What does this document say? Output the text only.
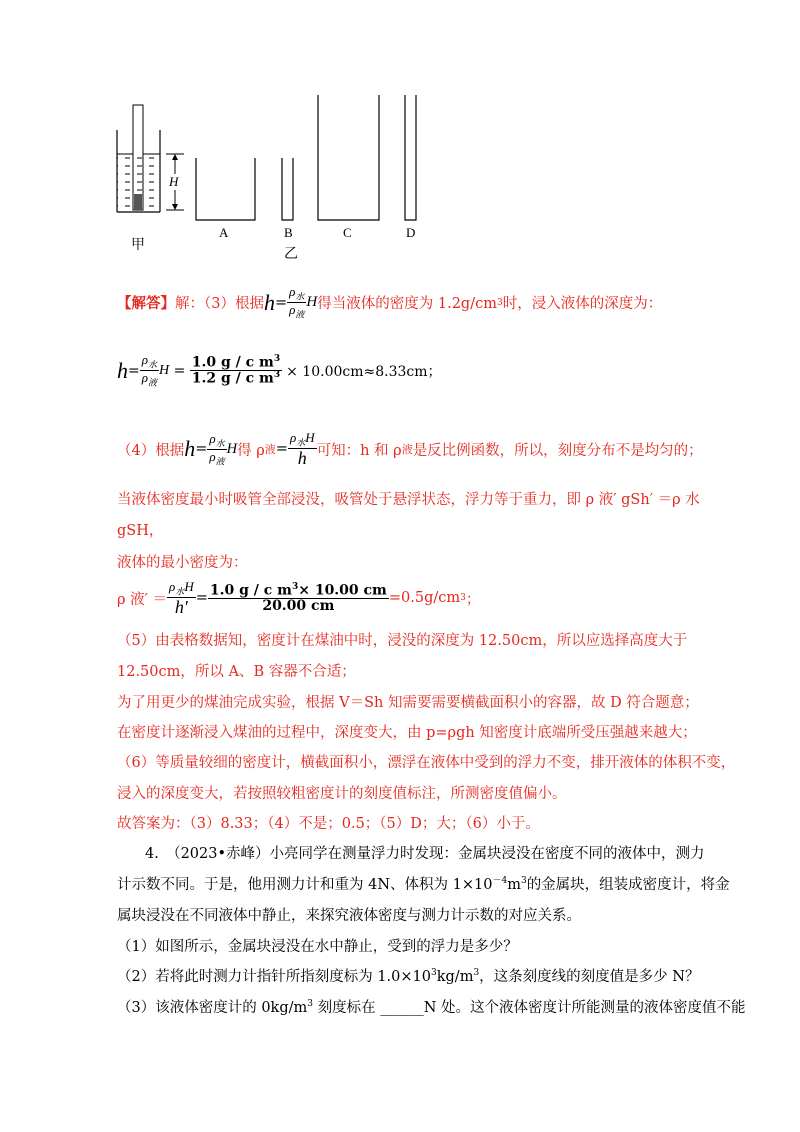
H
甲
A	B
乙
C	D
【解答】 解：（3）根据 $h = \frac{\rho_水}{\rho_液}$ H 得当液体的密度为 1.2g/cm 3 时，浸入液体的深度为：
$h = \frac{\rho_水}{\rho_液}$ $H = \frac{1.0 g / c m^3}{1.2 g / c m^3} \times 10.00cm\approx 8.33cm$；
（4）根据 $h = \frac{\rho_水}{\rho_液}$ H 得 ρ 液 = $\frac{\rho_水H}{h}$ 可知：h 和 ρ 液 是反比例函数，所以，刻度分布不是均匀的；
当液体密度最小时吸管全部浸没，吸管处于悬浮状态，浮力等于重力，即 ρ 液′ gSh′ ＝ρ 水
gSH，
液体的最小密度为：
ρ 液′ ＝ $\frac{\rho_水H}{h'} = \frac{1.0 g / c m^3\times 10.00 cm}{20.00 cm} =0.5g/cm$ 3 ；
（5）由表格数据知，密度计在煤油中时，浸没的深度为 12.50cm，所以应选择高度大于
12.50cm，所以 A、B 容器不合适；
为了用更少的煤油完成实验，根据 V＝Sh 知需要需要横截面积小的容器，故 D 符合题意；
在密度计逐渐浸入煤油的过程中，深度变大，由 p=ρgh 知密度计底端所受压强越来越大；
（6）等质量较细的密度计，横截面积小，漂浮在液体中受到的浮力不变，排开液体的体积不变，
浸入的深度变大，若按照较粗密度计的刻度值标注，所测密度值偏小。
故答案为：（3）8.33；（4）不是；0.5；（5）D；大；（6）小于。
4.　（2023•赤峰）小亮同学在测量浮力时发现：金属块浸没在密度不同的液体中，测力
计示数不同。于是，他用测力计和重为 4N、体积为 $1\times 10^{-4}m^3$的金属块，组装成密度计，将金
属块浸没在不同液体中静止，来探究液体密度与测力计示数的对应关系。
（1）如图所示，金属块浸没在水中静止，受到的浮力是多少？
（2）若将此时测力计指针所指刻度标为 $1.0\times 10^3kg/m^3$，这条刻度线的刻度值是多少 N？
（3）该液体密度计的 $0kg/m^3$ 刻度标在 ______N 处。这个液体密度计所能测量的液体密度值不能
